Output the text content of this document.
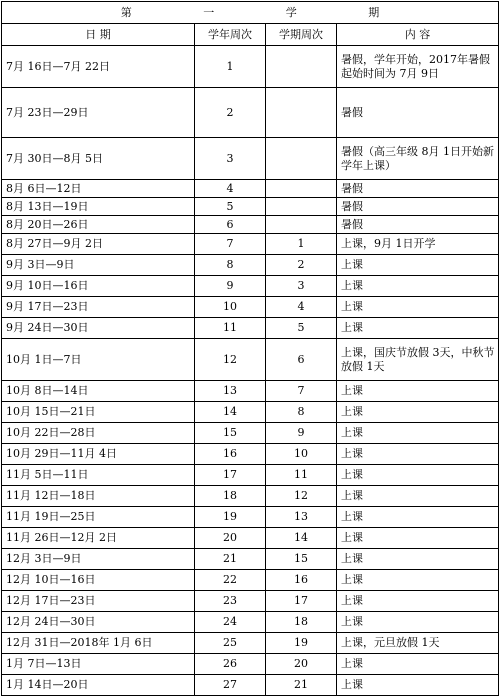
第 一 学 期			
日 期	学年周次	学期周次	内 容
7月 16日—7月 22日	1		暑假，学年开始，2017年暑假起始时间为 7月 9日
7月 23日—29日	2		暑假
7月 30日—8月 5日	3		暑假（高三年级 8月 1日开始新学年上课）
8月 6日—12日	4		暑假
8月 13日—19日	5		暑假
8月 20日—26日	6		暑假
8月 27日—9月 2日	7	1	上课，9月 1日开学
9月 3日—9日	8	2	上课
9月 10日—16日	9	3	上课
9月 17日—23日	10	4	上课
9月 24日—30日	11	5	上课
10月 1日—7日	12	6	上课，国庆节放假 3天，中秋节放假 1天
10月 8日—14日	13	7	上课
10月 15日—21日	14	8	上课
10月 22日—28日	15	9	上课
10月 29日—11月 4日	16	10	上课
11月 5日—11日	17	11	上课
11月 12日—18日	18	12	上课
11月 19日—25日	19	13	上课
11月 26日—12月 2日	20	14	上课
12月 3日—9日	21	15	上课
12月 10日—16日	22	16	上课
12月 17日—23日	23	17	上课
12月 24日—30日	24	18	上课
12月 31日—2018年 1月 6日	25	19	上课，元旦放假 1天
1月 7日—13日	26	20	上课
1月 14日—20日	27	21	上课
